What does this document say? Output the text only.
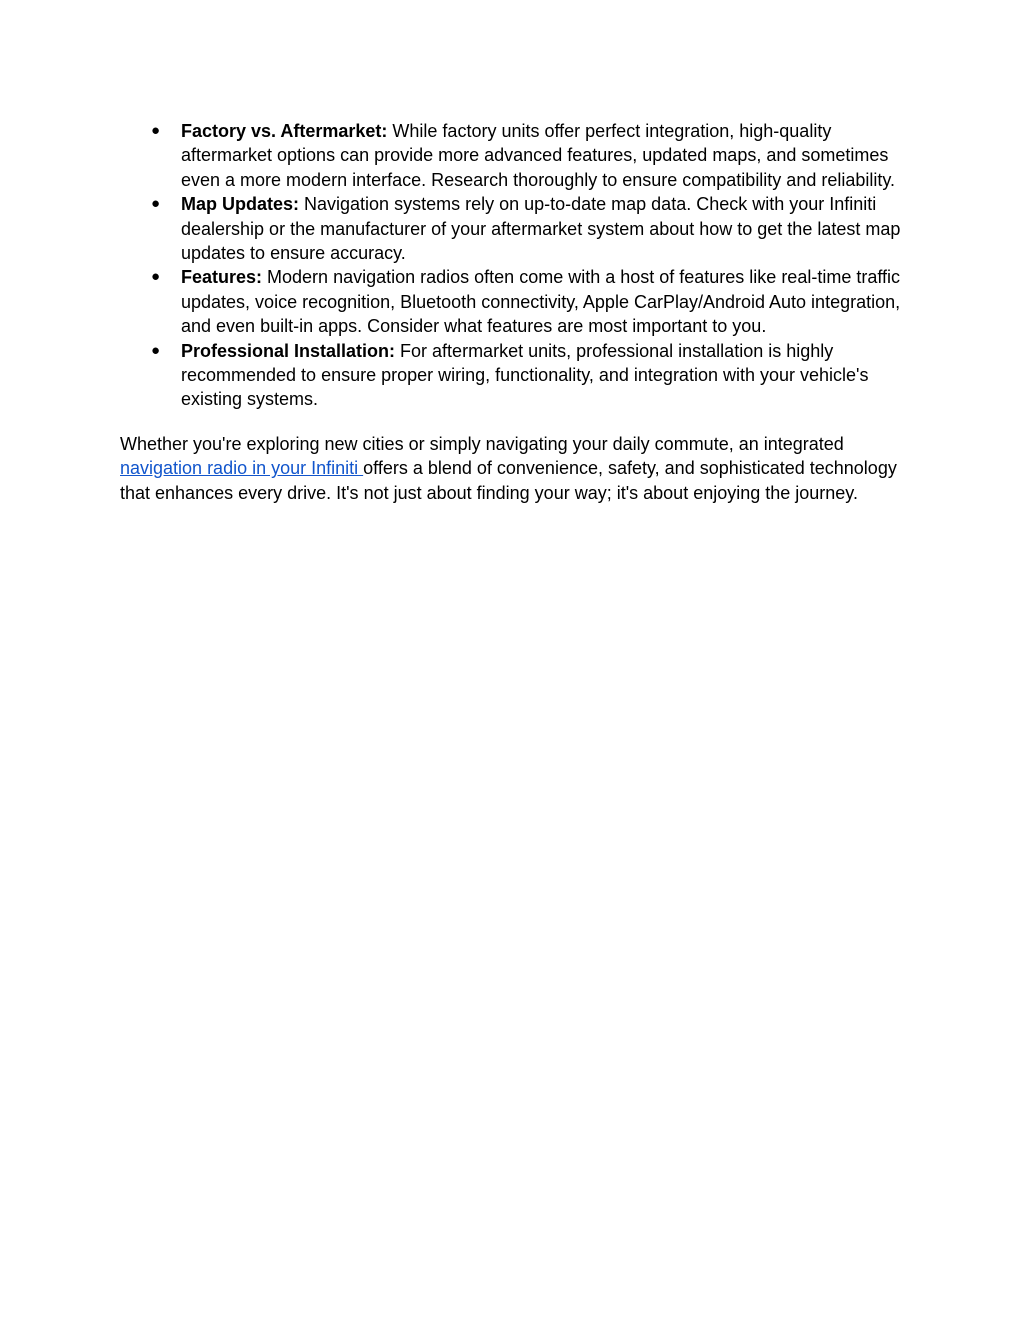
● Factory vs. Aftermarket: While factory units offer perfect integration, high-quality aftermarket options can provide more advanced features, updated maps, and sometimes even a more modern interface. Research thoroughly to ensure compatibility and reliability.
● Map Updates: Navigation systems rely on up-to-date map data. Check with your Infiniti dealership or the manufacturer of your aftermarket system about how to get the latest map updates to ensure accuracy.
● Features: Modern navigation radios often come with a host of features like real-time traffic updates, voice recognition, Bluetooth connectivity, Apple CarPlay/Android Auto integration, and even built-in apps. Consider what features are most important to you.
● Professional Installation: For aftermarket units, professional installation is highly recommended to ensure proper wiring, functionality, and integration with your vehicle's existing systems.

Whether you're exploring new cities or simply navigating your daily commute, an integrated navigation radio in your Infiniti offers a blend of convenience, safety, and sophisticated technology that enhances every drive. It's not just about finding your way; it's about enjoying the journey.
